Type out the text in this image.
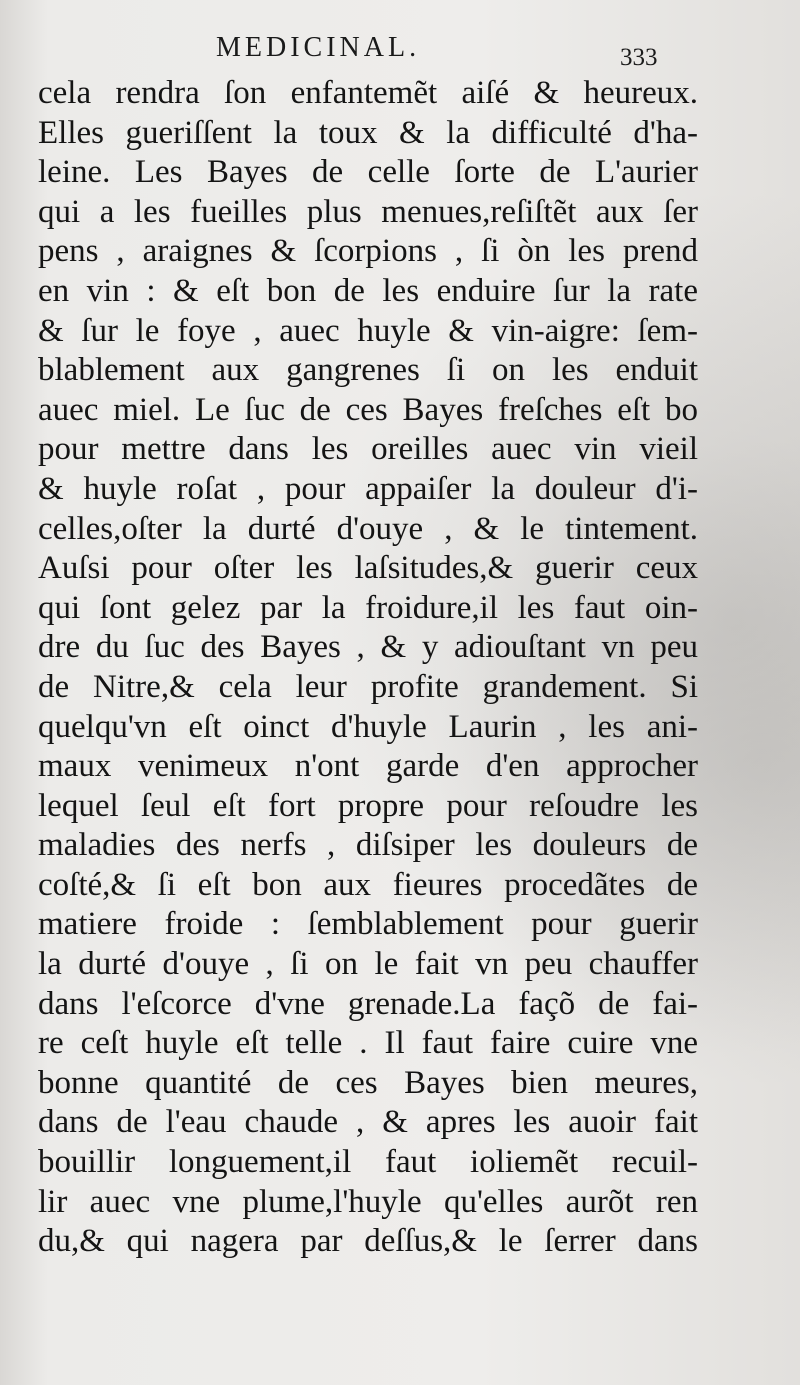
MEDICINAL.	333
cela rendra ſon enfantemẽt aiſé & heureux.
Elles gueriſſent la toux & la difficulté d'ha-
leine. Les Bayes de celle ſorte de L'aurier
qui a les fueilles plus menues,reſiſtẽt aux ſer
pens , araignes & ſcorpions , ſi òn les prend
en vin : & eſt bon de les enduire ſur la rate
& ſur le foye , auec huyle & vin-aigre: ſem-
blablement aux gangrenes ſi on les enduit
auec miel. Le ſuc de ces Bayes freſches eſt bo
pour mettre dans les oreilles auec vin vieil
& huyle roſat , pour appaiſer la douleur d'i-
celles,oſter la durté d'ouye , & le tintement.
Auſsi pour oſter les laſsitudes,& guerir ceux
qui ſont gelez par la froidure,il les faut oin-
dre du ſuc des Bayes , & y adiouſtant vn peu
de Nitre,& cela leur profite grandement. Si
quelqu'vn eſt oinct d'huyle Laurin , les ani-
maux venimeux n'ont garde d'en approcher
lequel ſeul eſt fort propre pour reſoudre les
maladies des nerfs , diſsiper les douleurs de
coſté,& ſi eſt bon aux fieures procedãtes de
matiere froide : ſemblablement pour guerir
la durté d'ouye , ſi on le fait vn peu chauffer
dans l'eſcorce d'vne grenade.La façõ de fai-
re ceſt huyle eſt telle . Il faut faire cuire vne
bonne quantité de ces Bayes bien meures,
dans de l'eau chaude , & apres les auoir fait
bouillir longuement,il faut ioliemẽt recuil-
lir auec vne plume,l'huyle qu'elles aurõt ren
du,& qui nagera par deſſus,& le ſerrer dans
